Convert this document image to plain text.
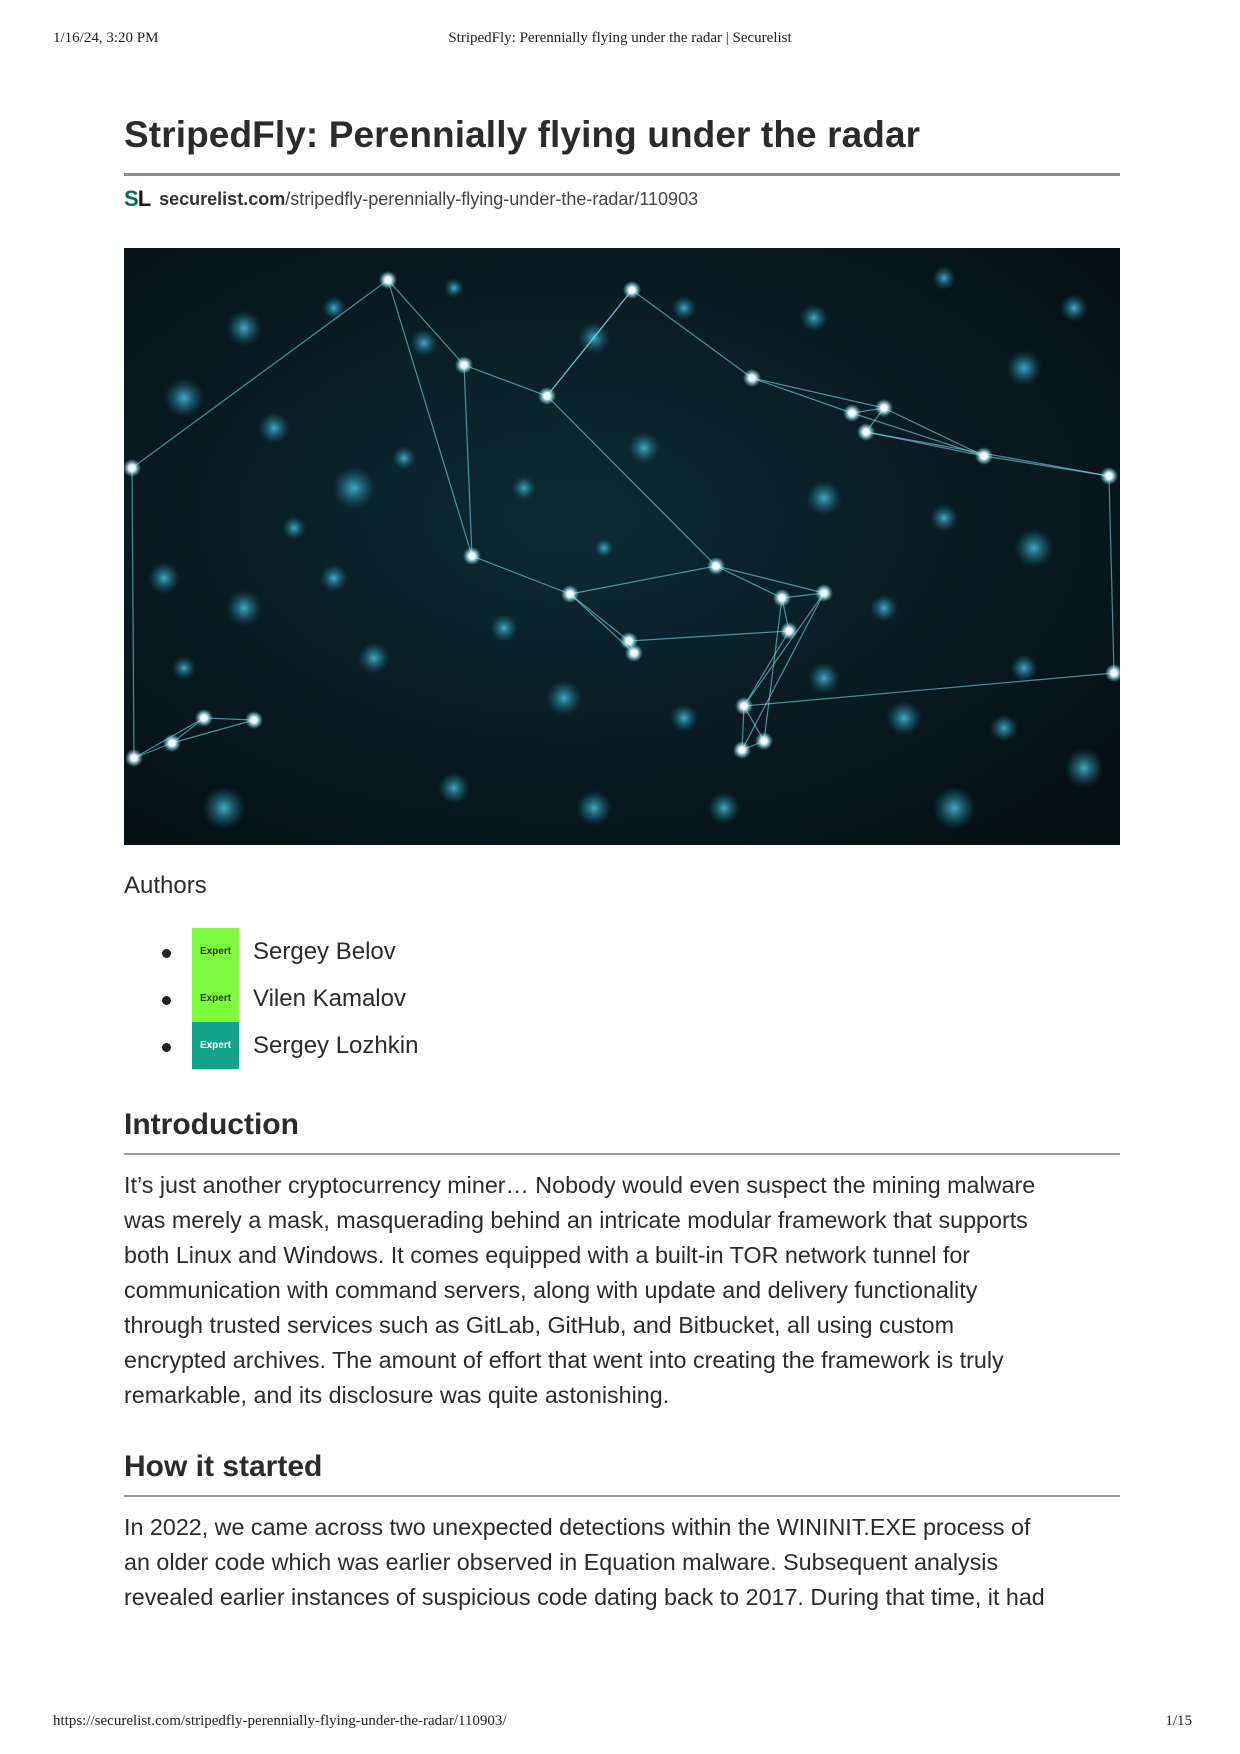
1/16/24, 3:20 PM	StripedFly: Perennially flying under the radar | Securelist
StripedFly: Perennially flying under the radar
SL securelist.com/stripedfly-perennially-flying-under-the-radar/110903
Authors
Expert Sergey Belov
Expert Vilen Kamalov
Expert Sergey Lozhkin
Introduction

It’s just another cryptocurrency miner… Nobody would even suspect the mining malware
was merely a mask, masquerading behind an intricate modular framework that supports
both Linux and Windows. It comes equipped with a built-in TOR network tunnel for
communication with command servers, along with update and delivery functionality
through trusted services such as GitLab, GitHub, and Bitbucket, all using custom
encrypted archives. The amount of effort that went into creating the framework is truly
remarkable, and its disclosure was quite astonishing.

How it started

In 2022, we came across two unexpected detections within the WININIT.EXE process of
an older code which was earlier observed in Equation malware. Subsequent analysis
revealed earlier instances of suspicious code dating back to 2017. During that time, it had

https://securelist.com/stripedfly-perennially-flying-under-the-radar/110903/	1/15
